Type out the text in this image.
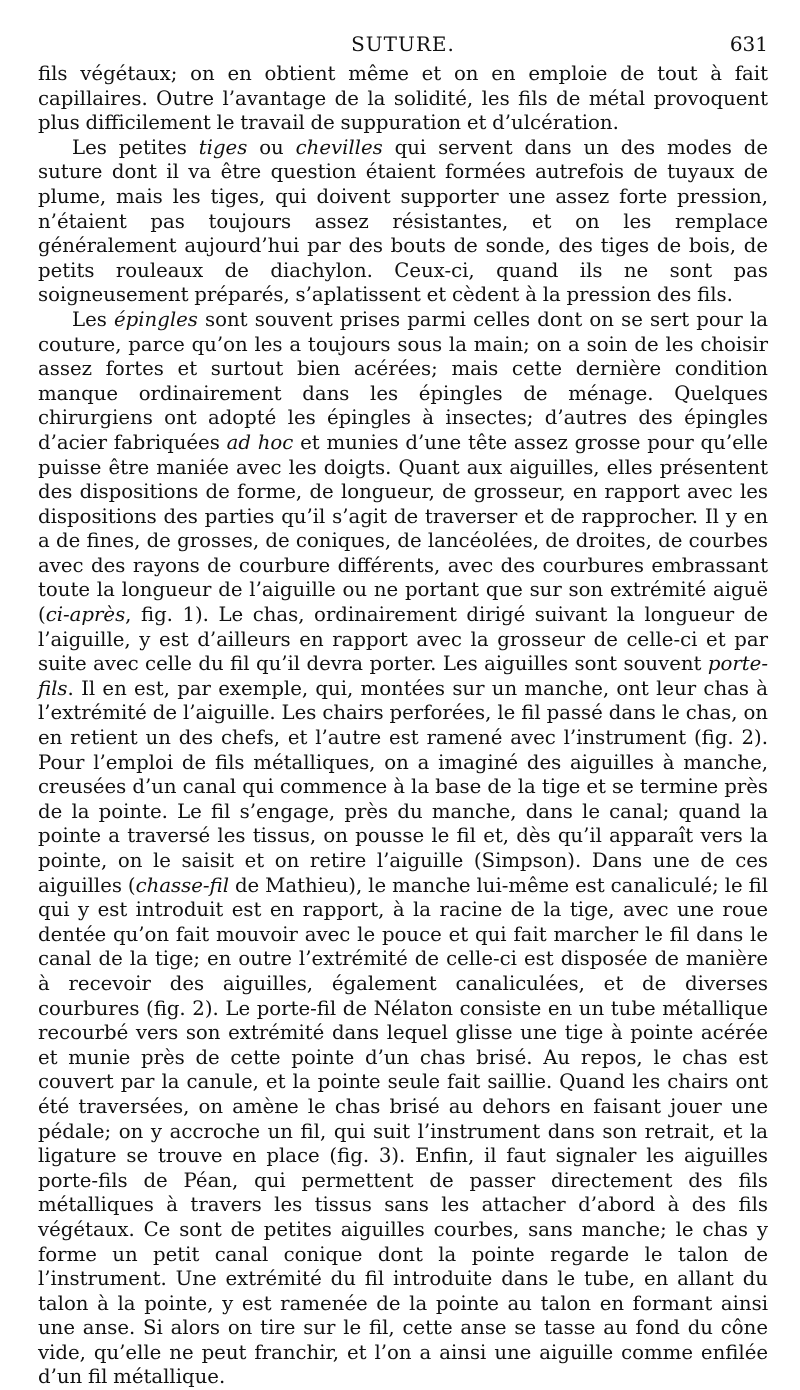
SUTURE.	631

fils végétaux; on en obtient même et on en emploie de tout à fait capillaires. Outre l’avantage de la solidité, les fils de métal provoquent plus difficilement le travail de suppuration et d’ulcération.

Les petites tiges ou chevilles qui servent dans un des modes de suture dont il va être question étaient formées autrefois de tuyaux de plume, mais les tiges, qui doivent supporter une assez forte pression, n’étaient pas toujours assez résistantes, et on les remplace généralement aujourd’hui par des bouts de sonde, des tiges de bois, de petits rouleaux de diachylon. Ceux-ci, quand ils ne sont pas soigneusement préparés, s’aplatissent et cèdent à la pression des fils.

Les épingles sont souvent prises parmi celles dont on se sert pour la couture, parce qu’on les a toujours sous la main; on a soin de les choisir assez fortes et surtout bien acérées; mais cette dernière condition manque ordinairement dans les épingles de ménage. Quelques chirurgiens ont adopté les épingles à insectes; d’autres des épingles d’acier fabriquées ad hoc et munies d’une tête assez grosse pour qu’elle puisse être maniée avec les doigts. Quant aux aiguilles, elles présentent des dispositions de forme, de longueur, de grosseur, en rapport avec les dispositions des parties qu’il s’agit de traverser et de rapprocher. Il y en a de fines, de grosses, de coniques, de lancéolées, de droites, de courbes avec des rayons de courbure différents, avec des courbures embrassant toute la longueur de l’aiguille ou ne portant que sur son extrémité aiguë (ci-après, fig. 1). Le chas, ordinairement dirigé suivant la longueur de l’aiguille, y est d’ailleurs en rapport avec la grosseur de celle-ci et par suite avec celle du fil qu’il devra porter. Les aiguilles sont souvent porte-fils. Il en est, par exemple, qui, montées sur un manche, ont leur chas à l’extrémité de l’aiguille. Les chairs perforées, le fil passé dans le chas, on en retient un des chefs, et l’autre est ramené avec l’instrument (fig. 2). Pour l’emploi de fils métalliques, on a imaginé des aiguilles à manche, creusées d’un canal qui commence à la base de la tige et se termine près de la pointe. Le fil s’engage, près du manche, dans le canal; quand la pointe a traversé les tissus, on pousse le fil et, dès qu’il apparaît vers la pointe, on le saisit et on retire l’aiguille (Simpson). Dans une de ces aiguilles (chasse-fil de Mathieu), le manche lui-même est canaliculé; le fil qui y est introduit est en rapport, à la racine de la tige, avec une roue dentée qu’on fait mouvoir avec le pouce et qui fait marcher le fil dans le canal de la tige; en outre l’extrémité de celle-ci est disposée de manière à recevoir des aiguilles, également canaliculées, et de diverses courbures (fig. 2). Le porte-fil de Nélaton consiste en un tube métallique recourbé vers son extrémité dans lequel glisse une tige à pointe acérée et munie près de cette pointe d’un chas brisé. Au repos, le chas est couvert par la canule, et la pointe seule fait saillie. Quand les chairs ont été traversées, on amène le chas brisé au dehors en faisant jouer une pédale; on y accroche un fil, qui suit l’instrument dans son retrait, et la ligature se trouve en place (fig. 3). Enfin, il faut signaler les aiguilles porte-fils de Péan, qui permettent de passer directement des fils métalliques à travers les tissus sans les attacher d’abord à des fils végétaux. Ce sont de petites aiguilles courbes, sans manche; le chas y forme un petit canal conique dont la pointe regarde le talon de l’instrument. Une extrémité du fil introduite dans le tube, en allant du talon à la pointe, y est ramenée de la pointe au talon en formant ainsi une anse. Si alors on tire sur le fil, cette anse se tasse au fond du cône vide, qu’elle ne peut franchir, et l’on a ainsi une aiguille comme enfilée d’un fil métallique.
